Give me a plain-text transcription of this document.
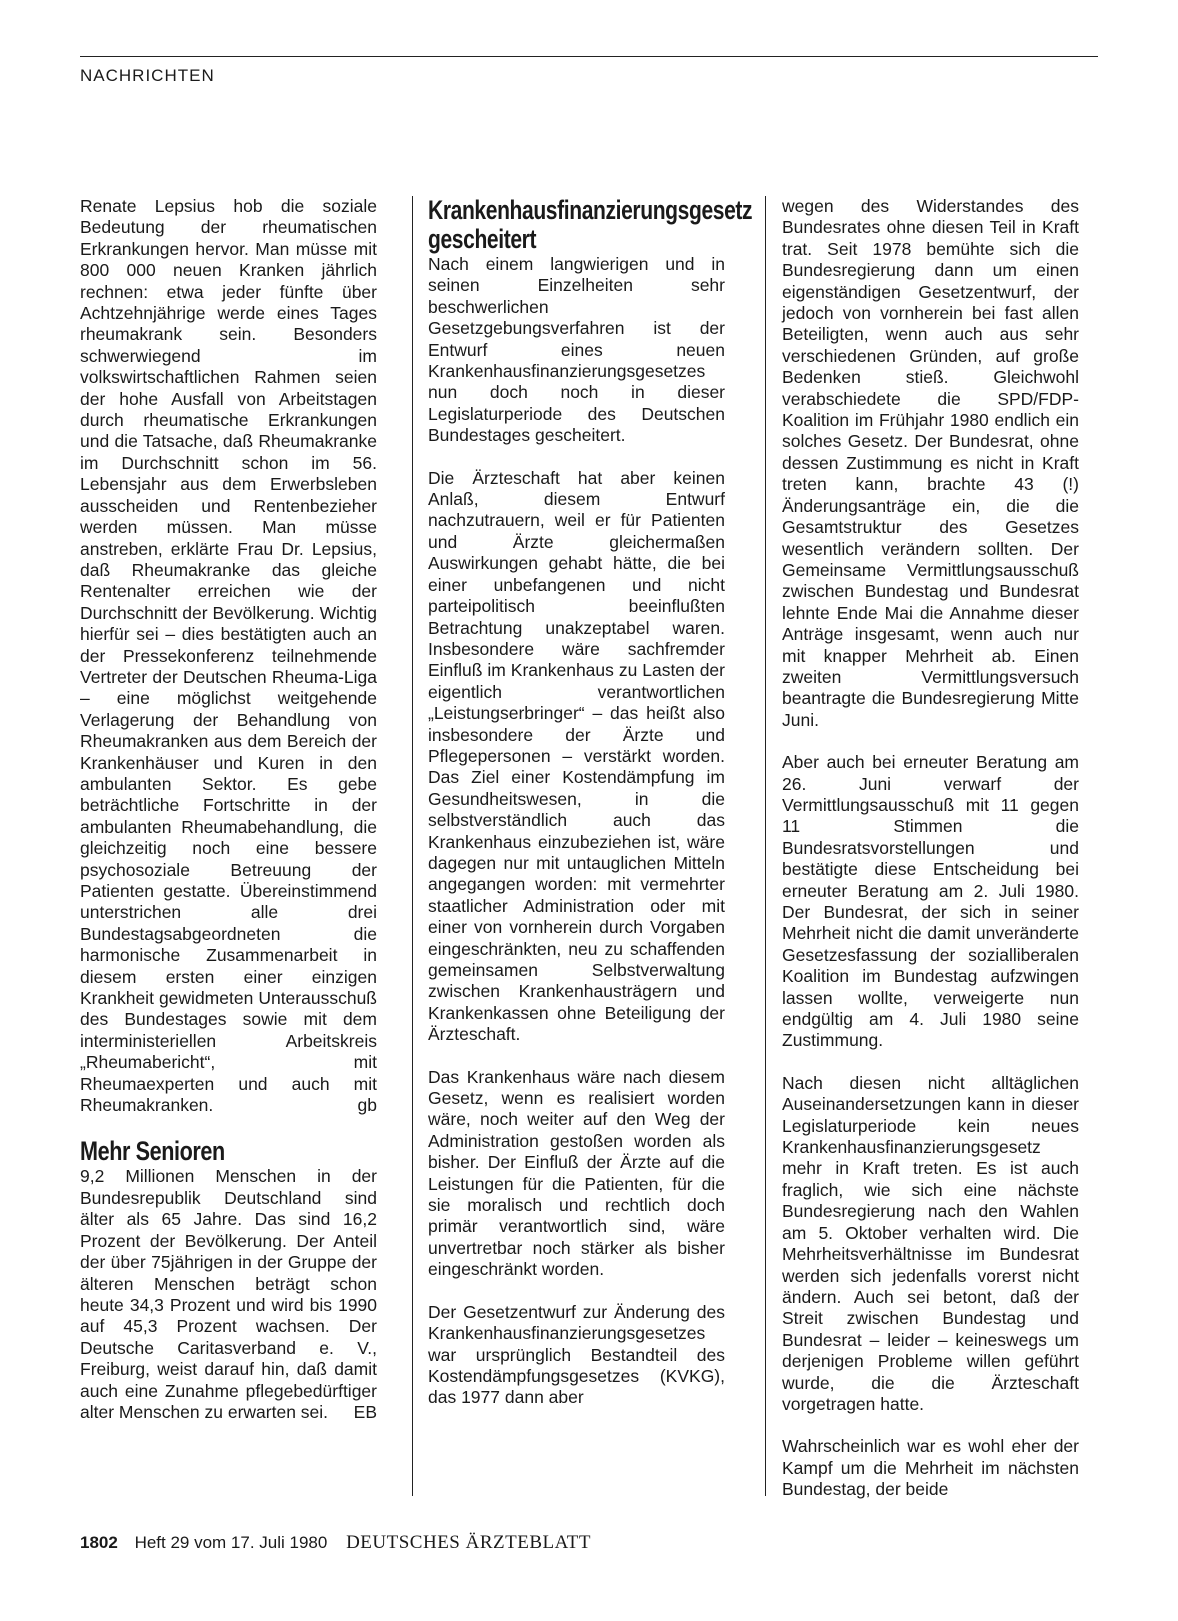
NACHRICHTEN

Renate Lepsius hob die soziale Bedeutung der rheumatischen Erkrankungen hervor. Man müsse mit 800 000 neuen Kranken jährlich rechnen: etwa jeder fünfte über Achtzehnjährige werde eines Tages rheumakrank sein. Besonders schwerwiegend im volkswirtschaftlichen Rahmen seien der hohe Ausfall von Arbeitstagen durch rheumatische Erkrankungen und die Tatsache, daß Rheumakranke im Durchschnitt schon im 56. Lebensjahr aus dem Erwerbsleben ausscheiden und Rentenbezieher werden müssen. Man müsse anstreben, erklärte Frau Dr. Lepsius, daß Rheumakranke das gleiche Rentenalter erreichen wie der Durchschnitt der Bevölkerung. Wichtig hierfür sei – dies bestätigten auch an der Pressekonferenz teilnehmende Vertreter der Deutschen Rheuma-Liga – eine möglichst weitgehende Verlagerung der Behandlung von Rheumakranken aus dem Bereich der Krankenhäuser und Kuren in den ambulanten Sektor. Es gebe beträchtliche Fortschritte in der ambulanten Rheumabehandlung, die gleichzeitig noch eine bessere psychosoziale Betreuung der Patienten gestatte. Übereinstimmend unterstrichen alle drei Bundestagsabgeordneten die harmonische Zusammenarbeit in diesem ersten einer einzigen Krankheit gewidmeten Unterausschuß des Bundestages sowie mit dem interministeriellen Arbeitskreis „Rheumabericht“, mit Rheumaexperten und auch mit Rheumakranken.	gb

Mehr Senioren

9,2 Millionen Menschen in der Bundesrepublik Deutschland sind älter als 65 Jahre. Das sind 16,2 Prozent der Bevölkerung. Der Anteil der über 75jährigen in der Gruppe der älteren Menschen beträgt schon heute 34,3 Prozent und wird bis 1990 auf 45,3 Prozent wachsen. Der Deutsche Caritasverband e. V., Freiburg, weist darauf hin, daß damit auch eine Zunahme pflegebedürftiger alter Menschen zu erwarten sei. EB

Krankenhausfinanzierungsgesetz gescheitert

Nach einem langwierigen und in seinen Einzelheiten sehr beschwerlichen Gesetzgebungsverfahren ist der Entwurf eines neuen Krankenhausfinanzierungsgesetzes nun doch noch in dieser Legislaturperiode des Deutschen Bundestages gescheitert.

Die Ärzteschaft hat aber keinen Anlaß, diesem Entwurf nachzutrauern, weil er für Patienten und Ärzte gleichermaßen Auswirkungen gehabt hätte, die bei einer unbefangenen und nicht parteipolitisch beeinflußten Betrachtung unakzeptabel waren. Insbesondere wäre sachfremder Einfluß im Krankenhaus zu Lasten der eigentlich verantwortlichen „Leistungserbringer“ – das heißt also insbesondere der Ärzte und Pflegepersonen – verstärkt worden. Das Ziel einer Kostendämpfung im Gesundheitswesen, in die selbstverständlich auch das Krankenhaus einzubeziehen ist, wäre dagegen nur mit untauglichen Mitteln angegangen worden: mit vermehrter staatlicher Administration oder mit einer von vornherein durch Vorgaben eingeschränkten, neu zu schaffenden gemeinsamen Selbstverwaltung zwischen Krankenhausträgern und Krankenkassen ohne Beteiligung der Ärzteschaft.

Das Krankenhaus wäre nach diesem Gesetz, wenn es realisiert worden wäre, noch weiter auf den Weg der Administration gestoßen worden als bisher. Der Einfluß der Ärzte auf die Leistungen für die Patienten, für die sie moralisch und rechtlich doch primär verantwortlich sind, wäre unvertretbar noch stärker als bisher eingeschränkt worden.

Der Gesetzentwurf zur Änderung des Krankenhausfinanzierungsgesetzes war ursprünglich Bestandteil des Kostendämpfungsgesetzes (KVKG), das 1977 dann aber

wegen des Widerstandes des Bundesrates ohne diesen Teil in Kraft trat. Seit 1978 bemühte sich die Bundesregierung dann um einen eigenständigen Gesetzentwurf, der jedoch von vornherein bei fast allen Beteiligten, wenn auch aus sehr verschiedenen Gründen, auf große Bedenken stieß. Gleichwohl verabschiedete die SPD/FDP-Koalition im Frühjahr 1980 endlich ein solches Gesetz. Der Bundesrat, ohne dessen Zustimmung es nicht in Kraft treten kann, brachte 43 (!) Änderungsanträge ein, die die Gesamtstruktur des Gesetzes wesentlich verändern sollten. Der Gemeinsame Vermittlungsausschuß zwischen Bundestag und Bundesrat lehnte Ende Mai die Annahme dieser Anträge insgesamt, wenn auch nur mit knapper Mehrheit ab. Einen zweiten Vermittlungsversuch beantragte die Bundesregierung Mitte Juni.

Aber auch bei erneuter Beratung am 26. Juni verwarf der Vermittlungsausschuß mit 11 gegen 11 Stimmen die Bundesratsvorstellungen und bestätigte diese Entscheidung bei erneuter Beratung am 2. Juli 1980. Der Bundesrat, der sich in seiner Mehrheit nicht die damit unveränderte Gesetzesfassung der sozialliberalen Koalition im Bundestag aufzwingen lassen wollte, verweigerte nun endgültig am 4. Juli 1980 seine Zustimmung.

Nach diesen nicht alltäglichen Auseinandersetzungen kann in dieser Legislaturperiode kein neues Krankenhausfinanzierungsgesetz mehr in Kraft treten. Es ist auch fraglich, wie sich eine nächste Bundesregierung nach den Wahlen am 5. Oktober verhalten wird. Die Mehrheitsverhältnisse im Bundesrat werden sich jedenfalls vorerst nicht ändern. Auch sei betont, daß der Streit zwischen Bundestag und Bundesrat – leider – keineswegs um derjenigen Probleme willen geführt wurde, die die Ärzteschaft vorgetragen hatte.

Wahrscheinlich war es wohl eher der Kampf um die Mehrheit im nächsten Bundestag, der beide

1802 Heft 29 vom 17. Juli 1980 DEUTSCHES ÄRZTEBLATT
